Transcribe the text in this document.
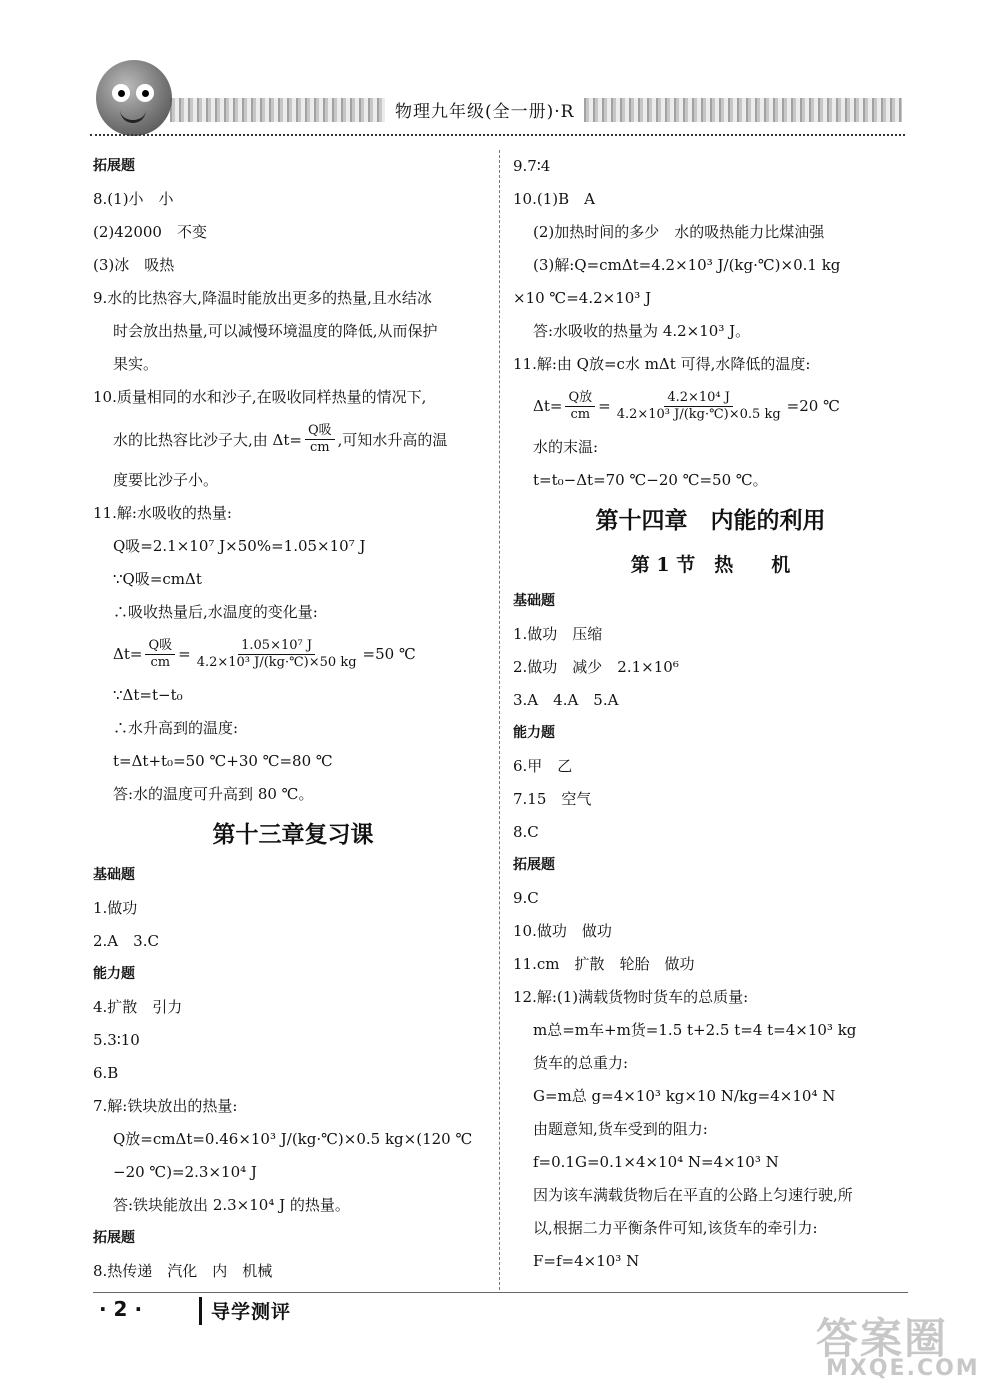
物理九年级(全一册)·R
拓展题
8.(1)小　小
(2)42000　不变
(3)冰　吸热
9.水的比热容大,降温时能放出更多的热量,且水结冰
时会放出热量,可以减慢环境温度的降低,从而保护
果实。
10.质量相同的水和沙子,在吸收同样热量的情况下,
水的比热容比沙子大,由 $\Delta t= \frac{\text{Q吸}}{cm}$ ,可知水升高的温
度要比沙子小。
11.解:水吸收的热量:
Q吸=2.1×10⁷ J×50%=1.05×10⁷ J
∵Q吸=cmΔt
∴吸收热量后,水温度的变化量:
$\Delta t= \frac{\text{Q吸}}{cm} = \frac{\text{1.05×10⁷ J}}{\text{4.2×10³ J/(kg·℃)×50 kg}} =50$ ℃
∵Δt=t−t₀
∴水升高到的温度:
t=Δt+t₀=50 ℃+30 ℃=80 ℃
答:水的温度可升高到 80 ℃。
第十三章复习课
基础题
1.做功
2.A　3.C
能力题
4.扩散　引力
5.3∶10
6.B
7.解:铁块放出的热量:
Q放=cmΔt=0.46×10³ J/(kg·℃)×0.5 kg×(120 ℃
−20 ℃)=2.3×10⁴ J
答:铁块能放出 2.3×10⁴ J 的热量。
拓展题
8.热传递　汽化　内　机械
9.7∶4
10.(1)B　A
(2)加热时间的多少　水的吸热能力比煤油强
(3)解:Q=cmΔt=4.2×10³ J/(kg·℃)×0.1 kg
×10 ℃=4.2×10³ J
答:水吸收的热量为 4.2×10³ J。
11.解:由 Q放=c水 mΔt 可得,水降低的温度:
$\Delta t= \frac{\text{Q放}}{cm} = \frac{\text{4.2×10⁴ J}}{\text{4.2×10³ J/(kg·℃)×0.5 kg}} =20$ ℃
水的末温:
t=t₀−Δt=70 ℃−20 ℃=50 ℃。
第十四章　内能的利用
第 1 节　热　　机
基础题
1.做功　压缩
2.做功　减少　2.1×10⁶
3.A　4.A　5.A
能力题
6.甲　乙
7.15　空气
8.C
拓展题
9.C
10.做功　做功
11.cm　扩散　轮胎　做功
12.解:(1)满载货物时货车的总质量:
m总=m车+m货=1.5 t+2.5 t=4 t=4×10³ kg
货车的总重力:
G=m总 g=4×10³ kg×10 N/kg=4×10⁴ N
由题意知,货车受到的阻力:
f=0.1G=0.1×4×10⁴ N=4×10³ N
因为该车满载货物后在平直的公路上匀速行驶,所
以,根据二力平衡条件可知,该货车的牵引力:
F=f=4×10³ N
· 2 ·	导学测评
答案圈
MXQE.COM
